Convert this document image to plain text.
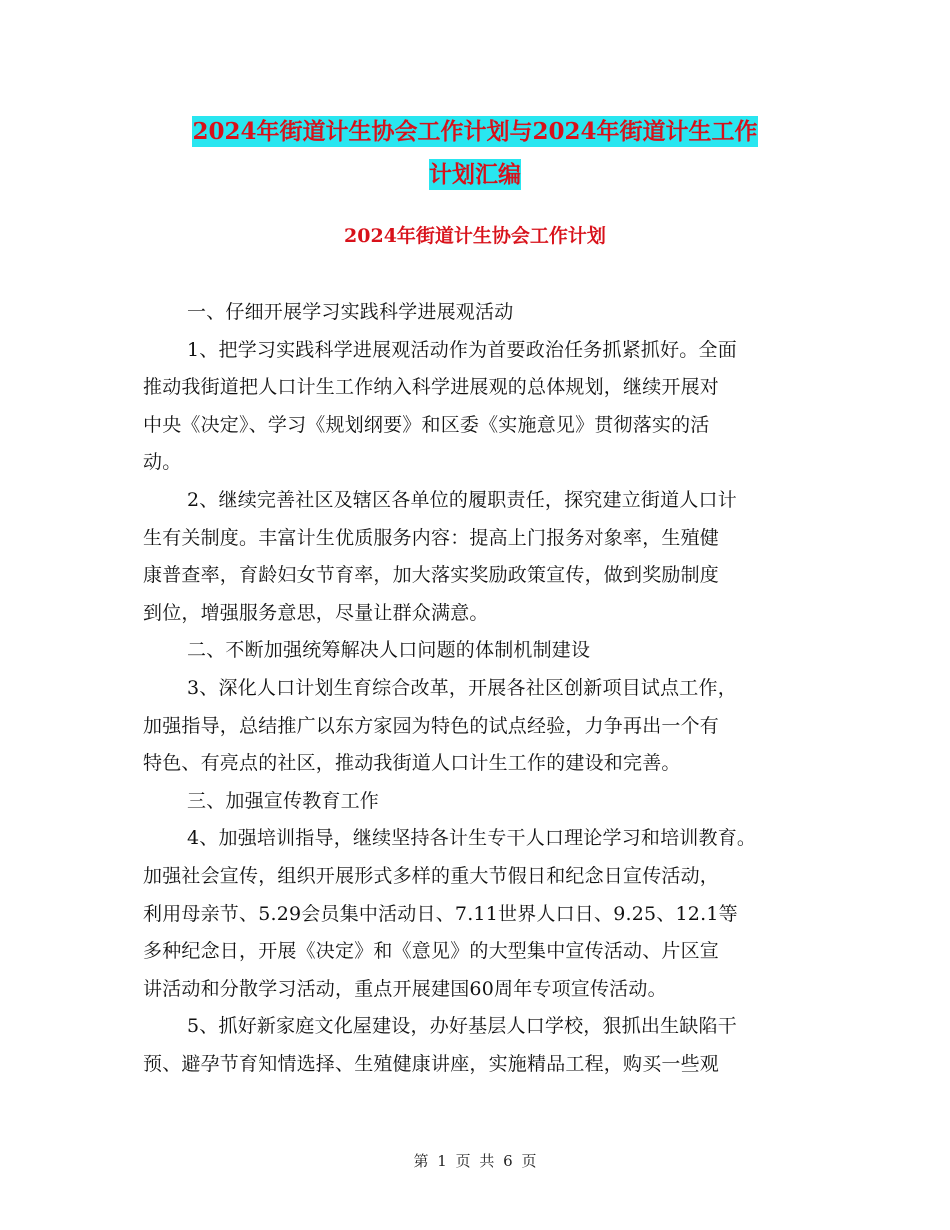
2024年街道计生协会工作计划与2024年街道计生工作
计划汇编
2024年街道计生协会工作计划
一、仔细开展学习实践科学进展观活动
1、把学习实践科学进展观活动作为首要政治任务抓紧抓好。全面
推动我街道把人口计生工作纳入科学进展观的总体规划，继续开展对
中央《决定》、学习《规划纲要》和区委《实施意见》贯彻落实的活
动。
2、继续完善社区及辖区各单位的履职责任，探究建立街道人口计
生有关制度。丰富计生优质服务内容：提高上门报务对象率，生殖健
康普查率，育龄妇女节育率，加大落实奖励政策宣传，做到奖励制度
到位，增强服务意思，尽量让群众满意。
二、不断加强统筹解决人口问题的体制机制建设
3、深化人口计划生育综合改革，开展各社区创新项目试点工作，
加强指导，总结推广以东方家园为特色的试点经验，力争再出一个有
特色、有亮点的社区，推动我街道人口计生工作的建设和完善。
三、加强宣传教育工作
4、加强培训指导，继续坚持各计生专干人口理论学习和培训教育。
加强社会宣传，组织开展形式多样的重大节假日和纪念日宣传活动，
利用母亲节、5.29会员集中活动日、7.11世界人口日、9.25、12.1等
多种纪念日，开展《决定》和《意见》的大型集中宣传活动、片区宣
讲活动和分散学习活动，重点开展建国60周年专项宣传活动。
5、抓好新家庭文化屋建设，办好基层人口学校，狠抓出生缺陷干
预、避孕节育知情选择、生殖健康讲座，实施精品工程，购买一些观
第 1 页 共 6 页
